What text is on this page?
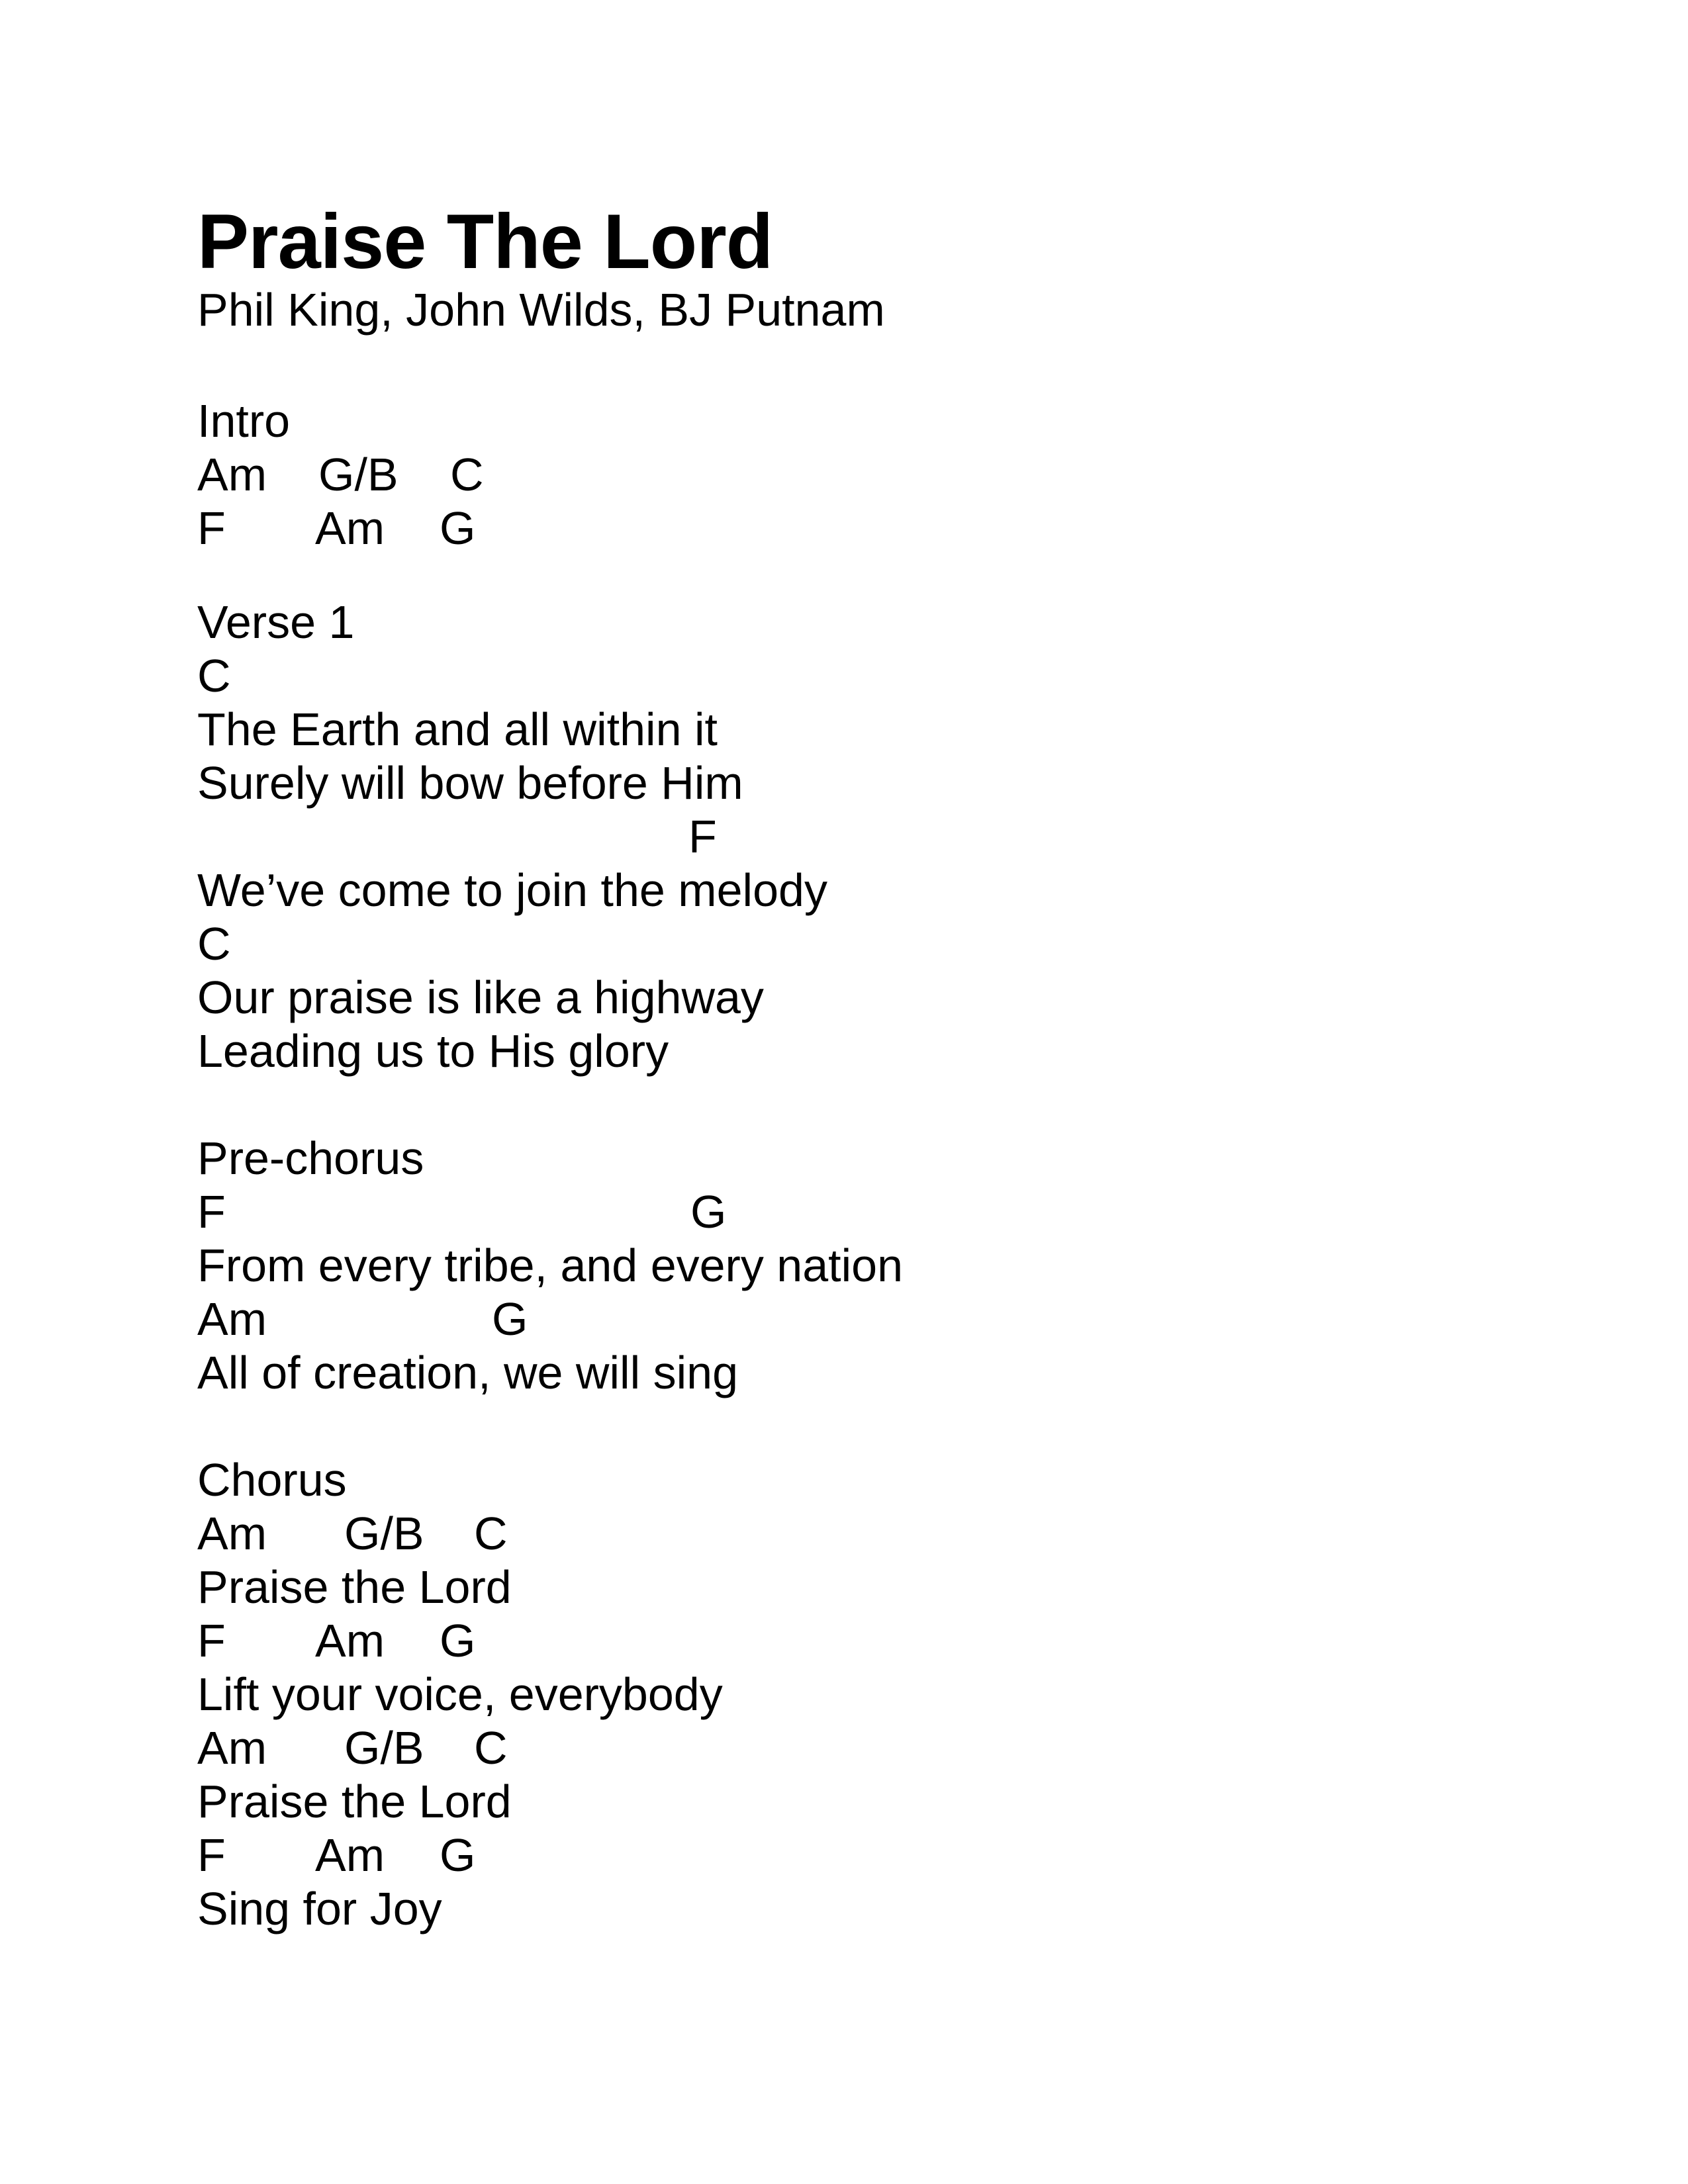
Praise The Lord
Phil King, John Wilds, BJ Putnam
Intro
Am G/B C
F Am G
Verse 1
C
The Earth and all within it
Surely will bow before Him
F
We’ve come to join the melody
C
Our praise is like a highway
Leading us to His glory
Pre-chorus
F	G
From every tribe, and every nation
Am	G
All of creation, we will sing
Chorus
Am G/B C
Praise the Lord
F Am G
Lift your voice, everybody
Am G/B C
Praise the Lord
F Am G
Sing for Joy
